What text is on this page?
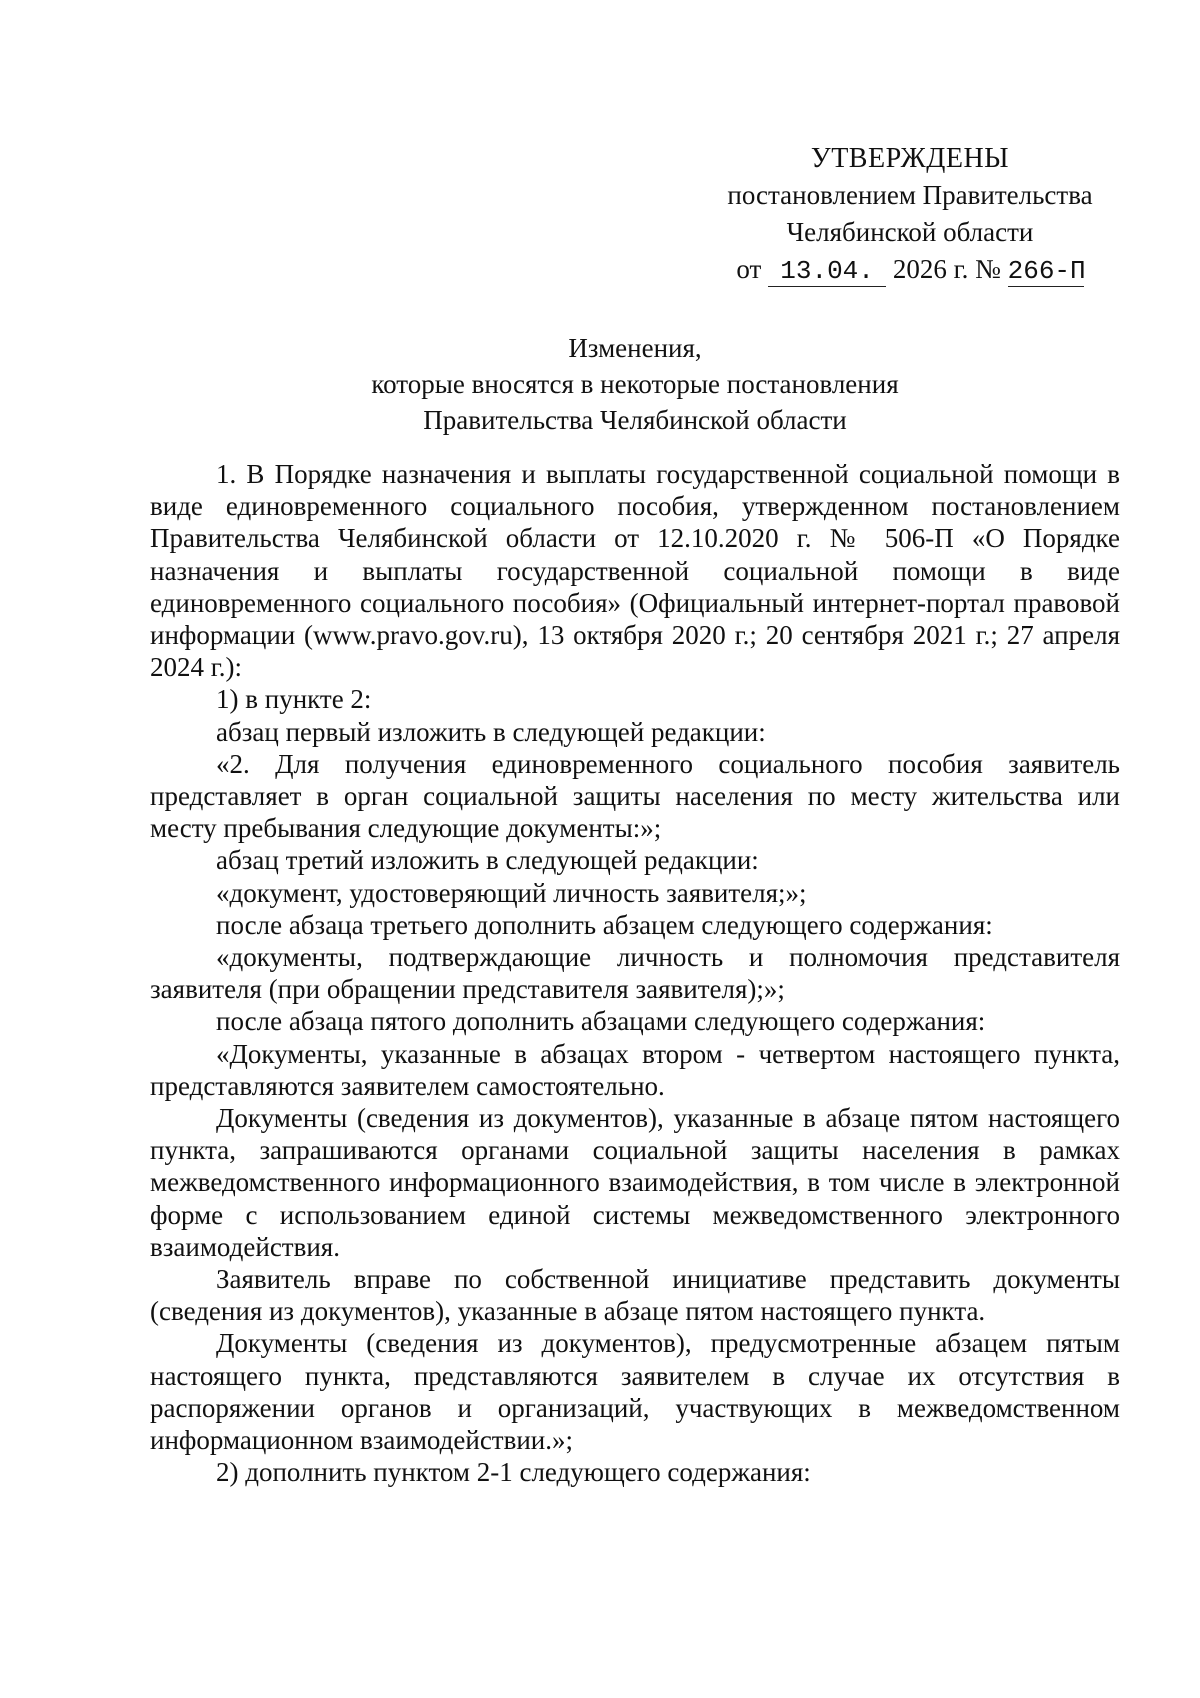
УТВЕРЖДЕНЫ
постановлением Правительства
Челябинской области
от 13.04. 2026 г. № 266-П
Изменения,
которые вносятся в некоторые постановления
Правительства Челябинской области

1. В Порядке назначения и выплаты государственной социальной помощи в виде единовременного социального пособия, утвержденном постановлением Правительства Челябинской области от 12.10.2020 г. № 506-П «О Порядке назначения и выплаты государственной социальной помощи в виде единовременного социального пособия» (Официальный интернет-портал правовой информации (www.pravo.gov.ru), 13 октября 2020 г.; 20 сентября 2021 г.; 27 апреля 2024 г.):

1) в пункте 2:

абзац первый изложить в следующей редакции:

«2. Для получения единовременного социального пособия заявитель представляет в орган социальной защиты населения по месту жительства или месту пребывания следующие документы:»;

абзац третий изложить в следующей редакции:

«документ, удостоверяющий личность заявителя;»;

после абзаца третьего дополнить абзацем следующего содержания:

«документы, подтверждающие личность и полномочия представителя заявителя (при обращении представителя заявителя);»;

после абзаца пятого дополнить абзацами следующего содержания:

«Документы, указанные в абзацах втором - четвертом настоящего пункта, представляются заявителем самостоятельно.

Документы (сведения из документов), указанные в абзаце пятом настоящего пункта, запрашиваются органами социальной защиты населения в рамках межведомственного информационного взаимодействия, в том числе в электронной форме с использованием единой системы межведомственного электронного взаимодействия.

Заявитель вправе по собственной инициативе представить документы (сведения из документов), указанные в абзаце пятом настоящего пункта.

Документы (сведения из документов), предусмотренные абзацем пятым настоящего пункта, представляются заявителем в случае их отсутствия в распоряжении органов и организаций, участвующих в межведомственном информационном взаимодействии.»;

2) дополнить пунктом 2-1 следующего содержания:
